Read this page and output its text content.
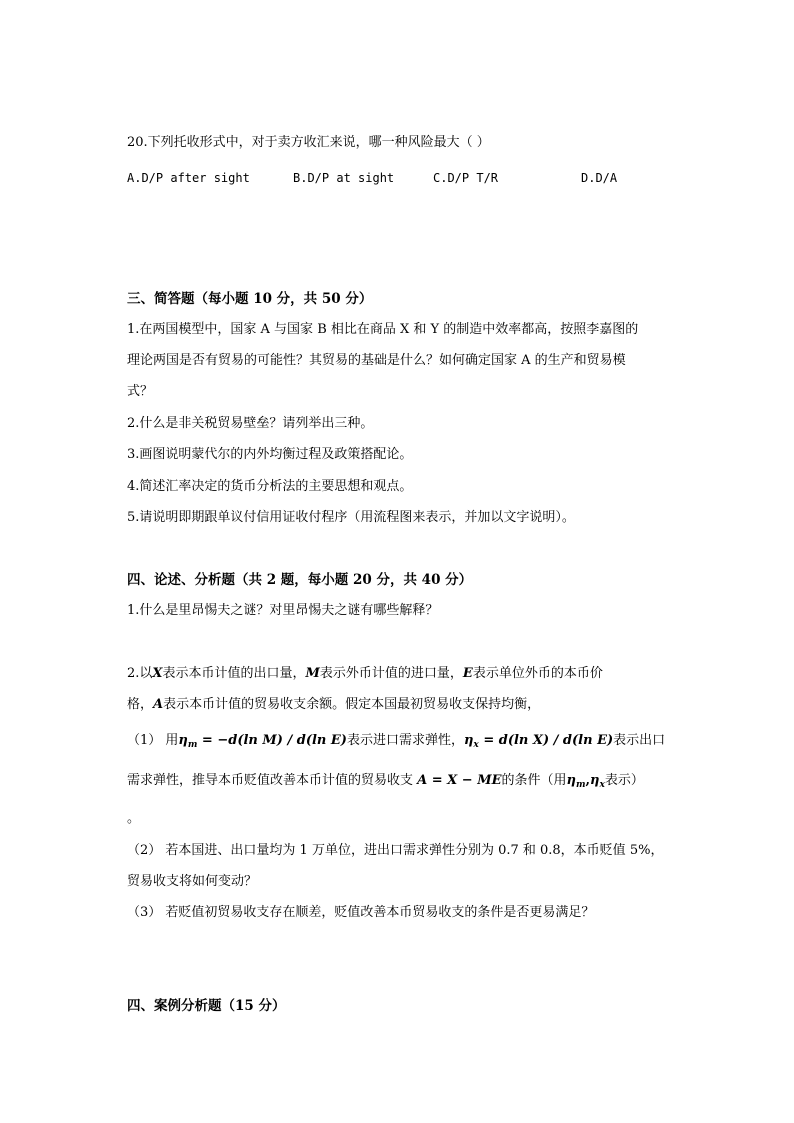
20.下列托收形式中，对于卖方收汇来说，哪一种风险最大（ ）
A.D/P after sight	B.D/P at sight	C.D/P T/R	D.D/A
三、简答题（每小题 10 分，共 50 分）
1.在两国模型中，国家 A 与国家 B 相比在商品 X 和 Y 的制造中效率都高，按照李嘉图的
理论两国是否有贸易的可能性？其贸易的基础是什么？如何确定国家 A 的生产和贸易模
式？
2.什么是非关税贸易壁垒？请列举出三种。
3.画图说明蒙代尔的内外均衡过程及政策搭配论。
4.简述汇率决定的货币分析法的主要思想和观点。
5.请说明即期跟单议付信用证收付程序（用流程图来表示，并加以文字说明）。
四、论述、分析题（共 2 题，每小题 20 分，共 40 分）
1.什么是里昂惕夫之谜？对里昂惕夫之谜有哪些解释？
2.以X表示本币计值的出口量，M表示外币计值的进口量，E表示单位外币的本币价
格，A表示本币计值的贸易收支余额。假定本国最初贸易收支保持均衡，
（1） 用$\eta_m = -d(\ln$ M) / d(ln E)表示进口需求弹性，$\eta_x = d(\ln$ X) / d(ln E)表示出口
需求弹性，推导本币贬值改善本币计值的贸易收支 A = X − ME的条件（用$\eta_m,\eta_x$表示）
。
（2） 若本国进、出口量均为 1 万单位，进出口需求弹性分别为 0.7 和 0.8，本币贬值 5%，
贸易收支将如何变动？
（3） 若贬值初贸易收支存在顺差，贬值改善本币贸易收支的条件是否更易满足？
四、案例分析题（15 分）
